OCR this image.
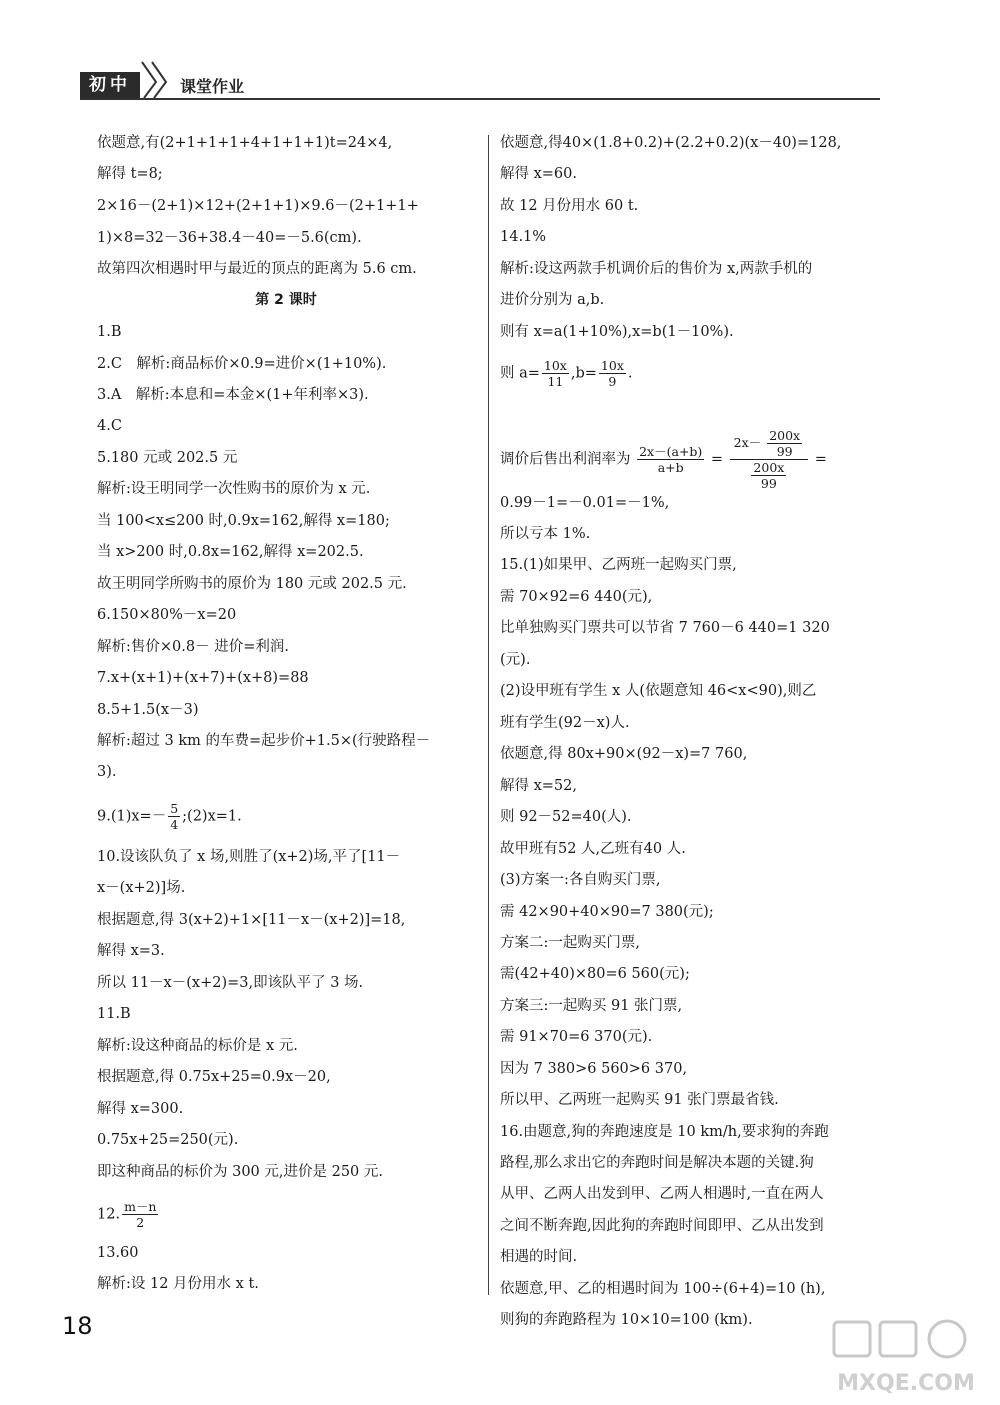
初中	课堂作业
依题意,有(2+1+1+1+4+1+1+1)t=24×4,
解得 t=8;
2×16－(2+1)×12+(2+1+1)×9.6－(2+1+1+
1)×8=32－36+38.4－40=－5.6(cm).
故第四次相遇时甲与最近的顶点的距离为 5.6 cm.
第 2 课时
1.B
2.C　解析:商品标价×0.9=进价×(1+10%).
3.A　解析:本息和=本金×(1+年利率×3).
4.C
5.180 元或 202.5 元
解析:设王明同学一次性购书的原价为 x 元.
当 100<x≤200 时,0.9x=162,解得 x=180;
当 x>200 时,0.8x=162,解得 x=202.5.
故王明同学所购书的原价为 180 元或 202.5 元.
6.150×80%－x=20
解析:售价×0.8－ 进价=利润.
7.x+(x+1)+(x+7)+(x+8)=88
8.5+1.5(x－3)
解析:超过 3 km 的车费=起步价+1.5×(行驶路程－
3).
$9.(1)x=- \frac{5}{4}$ ;(2)x=1.
10.设该队负了 x 场,则胜了(x+2)场,平了[11－
x－(x+2)]场.
根据题意,得 3(x+2)+1×[11－x－(x+2)]=18,
解得 x=3.
所以 11－x－(x+2)=3,即该队平了 3 场.
11.B
解析:设这种商品的标价是 x 元.
根据题意,得 0.75x+25=0.9x－20,
解得 x=300.
0.75x+25=250(元).
即这种商品的标价为 300 元,进价是 250 元.
12. $\frac{m-n}{2}$
13.60
解析:设 12 月份用水 x t.
依题意,得40×(1.8+0.2)+(2.2+0.2)(x－40)=128,
解得 x=60.
故 12 月份用水 60 t.
14.1%
解析:设这两款手机调价后的售价为 x,两款手机的
进价分别为 a,b.
则有 x=a(1+10%),x=b(1－10%).
则 $a= \frac{10x}{11} ,b= \frac{10x}{9}$ .
调价后售出利润率为 $\frac{2x-(a+b)}{a+b} = \frac{2x- \frac{200x}{99}}{\frac{200x}{99}}$ =
0.99－1=－0.01=－1%,
所以亏本 1%.
15.(1)如果甲、乙两班一起购买门票,
需 70×92=6 440(元),
比单独购买门票共可以节省 7 760－6 440=1 320
(元).
(2)设甲班有学生 x 人(依题意知 46<x<90),则乙
班有学生(92－x)人.
依题意,得 80x+90×(92－x)=7 760,
解得 x=52,
则 92－52=40(人).
故甲班有52 人,乙班有40 人.
(3)方案一:各自购买门票,
需 42×90+40×90=7 380(元);
方案二:一起购买门票,
需(42+40)×80=6 560(元);
方案三:一起购买 91 张门票,
需 91×70=6 370(元).
因为 7 380>6 560>6 370,
所以甲、乙两班一起购买 91 张门票最省钱.
16.由题意,狗的奔跑速度是 10 km/h,要求狗的奔跑
路程,那么求出它的奔跑时间是解决本题的关键.狗
从甲、乙两人出发到甲、乙两人相遇时,一直在两人
之间不断奔跑,因此狗的奔跑时间即甲、乙从出发到
相遇的时间.
依题意,甲、乙的相遇时间为 100÷(6+4)=10 (h),
则狗的奔跑路程为 10×10=100 (km).
18
MXQE.COM
